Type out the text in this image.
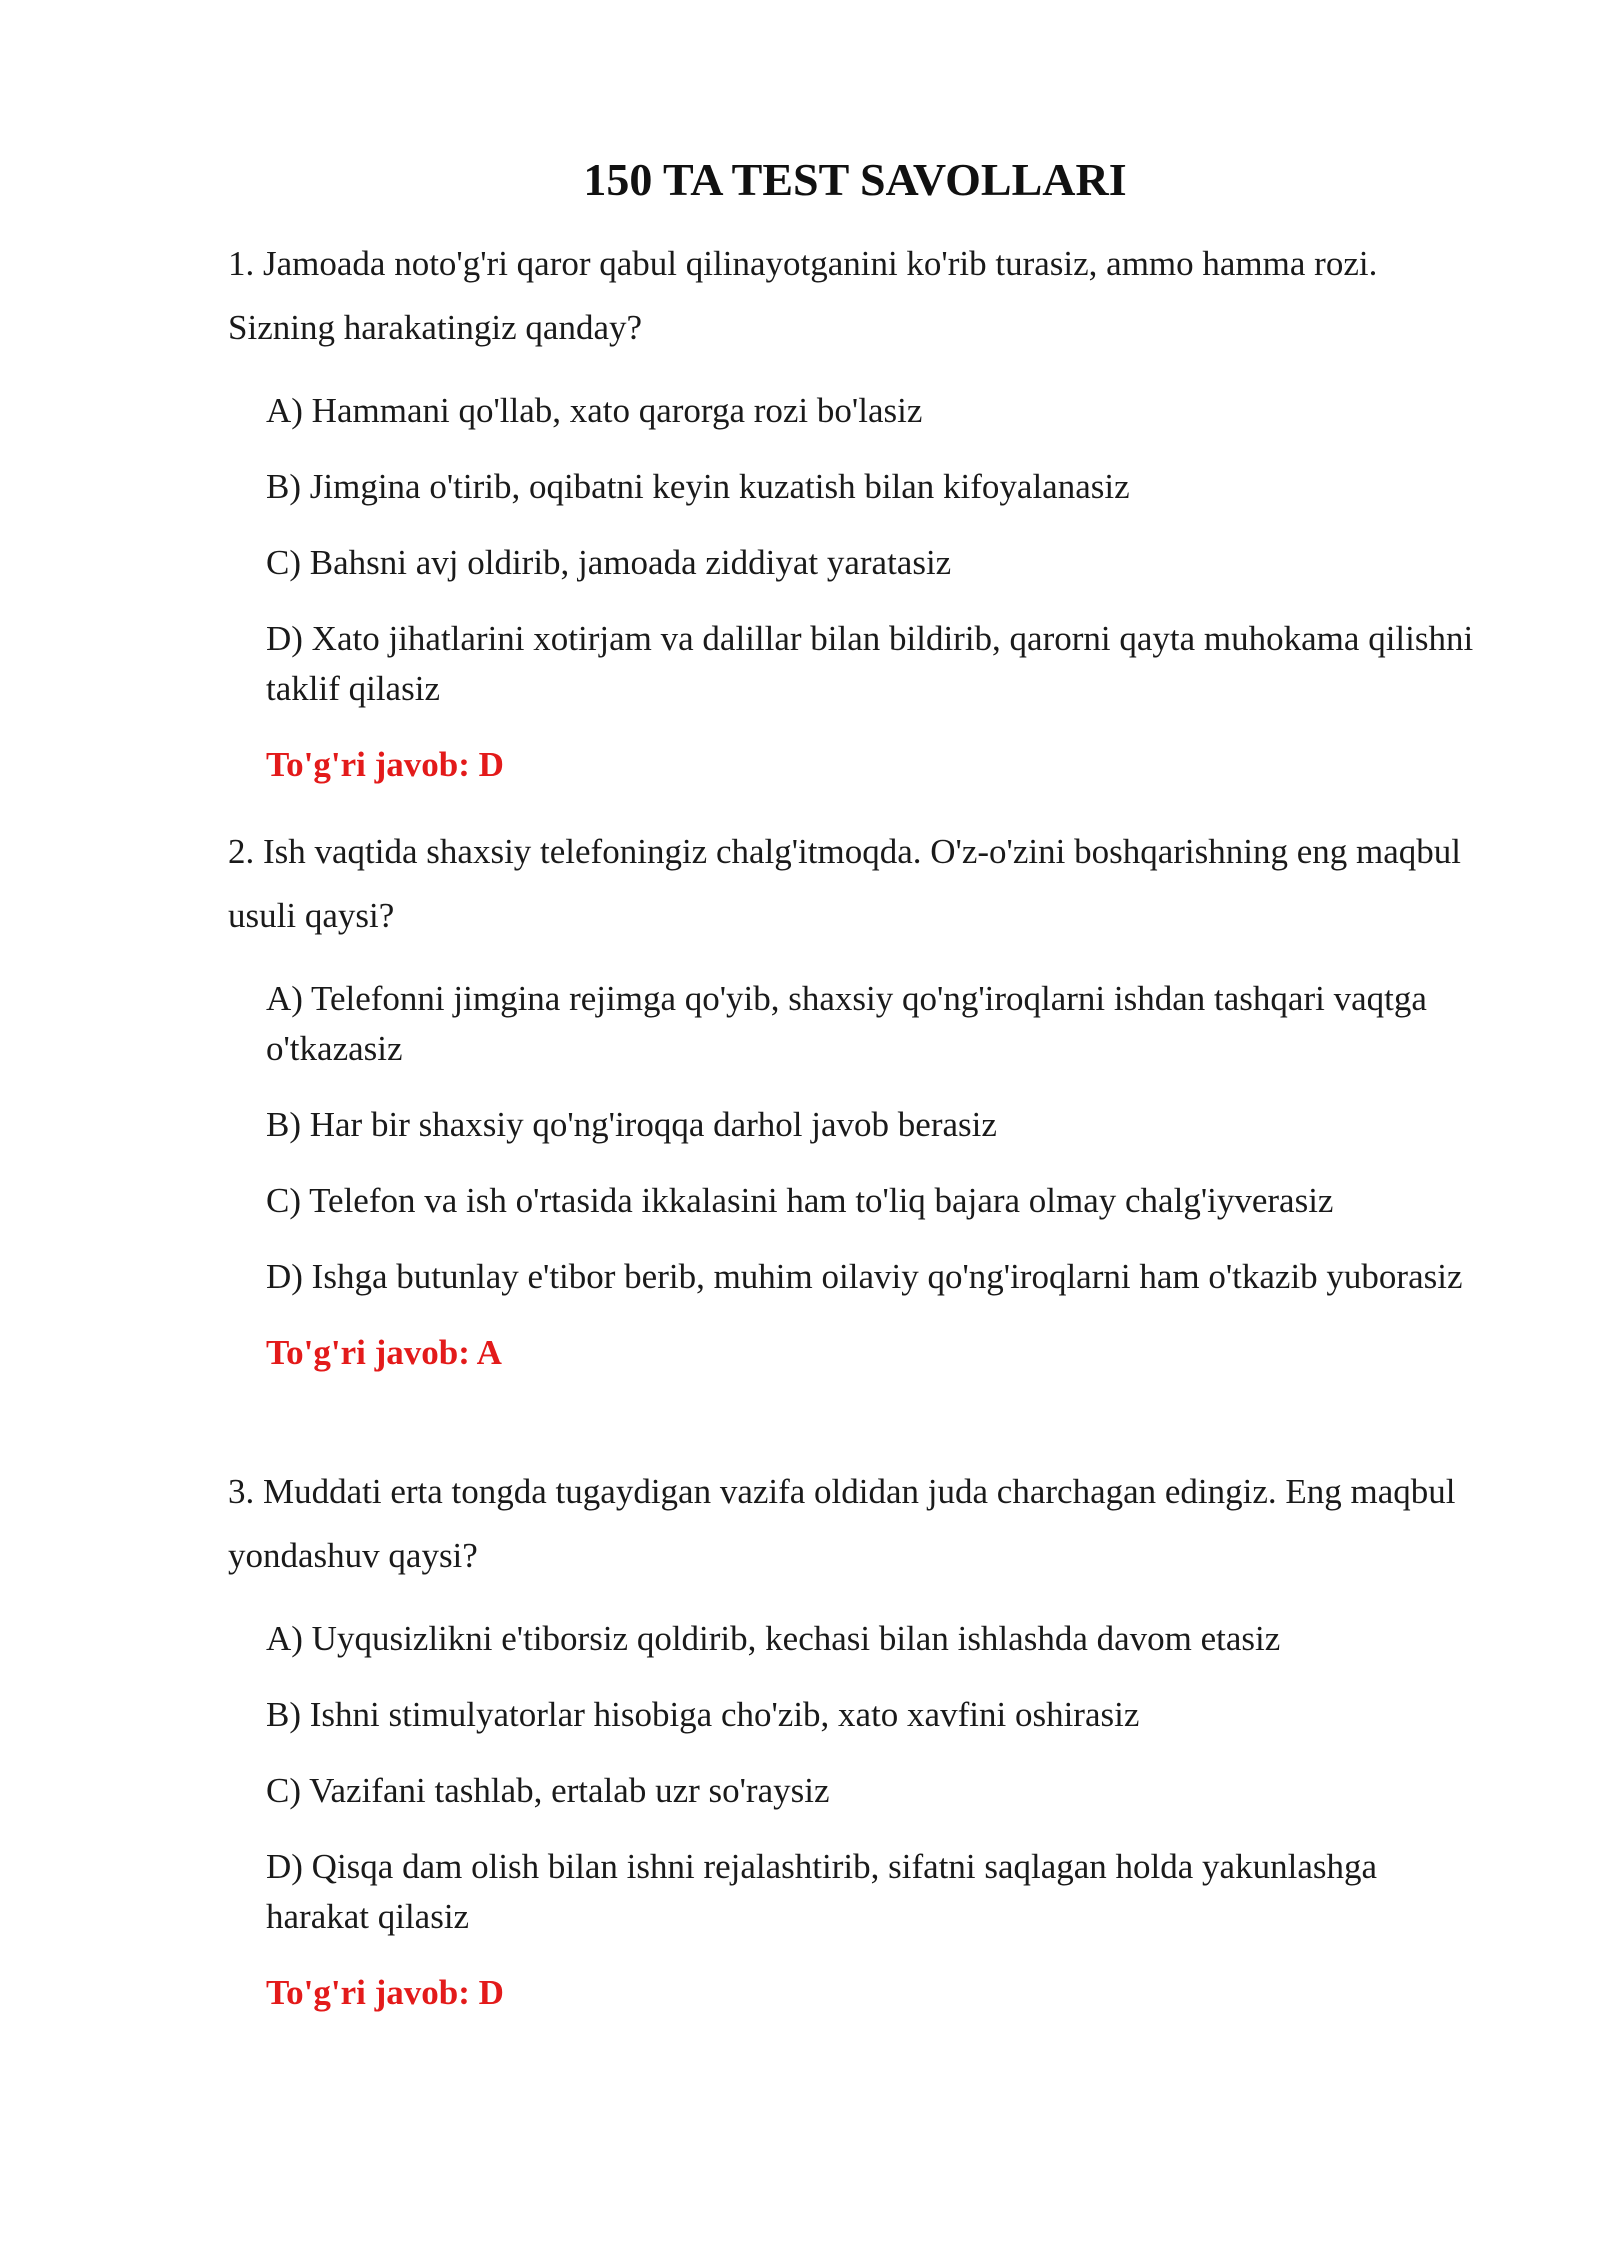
150 TA TEST SAVOLLARI

1. Jamoada noto'g'ri qaror qabul qilinayotganini ko'rib turasiz, ammo hamma rozi. Sizning harakatingiz qanday?

A) Hammani qo'llab, xato qarorga rozi bo'lasiz
B) Jimgina o'tirib, oqibatni keyin kuzatish bilan kifoyalanasiz
C) Bahsni avj oldirib, jamoada ziddiyat yaratasiz
D) Xato jihatlarini xotirjam va dalillar bilan bildirib, qarorni qayta muhokama qilishni taklif qilasiz

To'g'ri javob: D

2. Ish vaqtida shaxsiy telefoningiz chalg'itmoqda. O'z-o'zini boshqarishning eng maqbul usuli qaysi?

A) Telefonni jimgina rejimga qo'yib, shaxsiy qo'ng'iroqlarni ishdan tashqari vaqtga o'tkazasiz
B) Har bir shaxsiy qo'ng'iroqqa darhol javob berasiz
C) Telefon va ish o'rtasida ikkalasini ham to'liq bajara olmay chalg'iyverasiz
D) Ishga butunlay e'tibor berib, muhim oilaviy qo'ng'iroqlarni ham o'tkazib yuborasiz

To'g'ri javob: A

3. Muddati erta tongda tugaydigan vazifa oldidan juda charchagan edingiz. Eng maqbul yondashuv qaysi?

A) Uyqusizlikni e'tiborsiz qoldirib, kechasi bilan ishlashda davom etasiz
B) Ishni stimulyatorlar hisobiga cho'zib, xato xavfini oshirasiz
C) Vazifani tashlab, ertalab uzr so'raysiz
D) Qisqa dam olish bilan ishni rejalashtirib, sifatni saqlagan holda yakunlashga harakat qilasiz

To'g'ri javob: D
